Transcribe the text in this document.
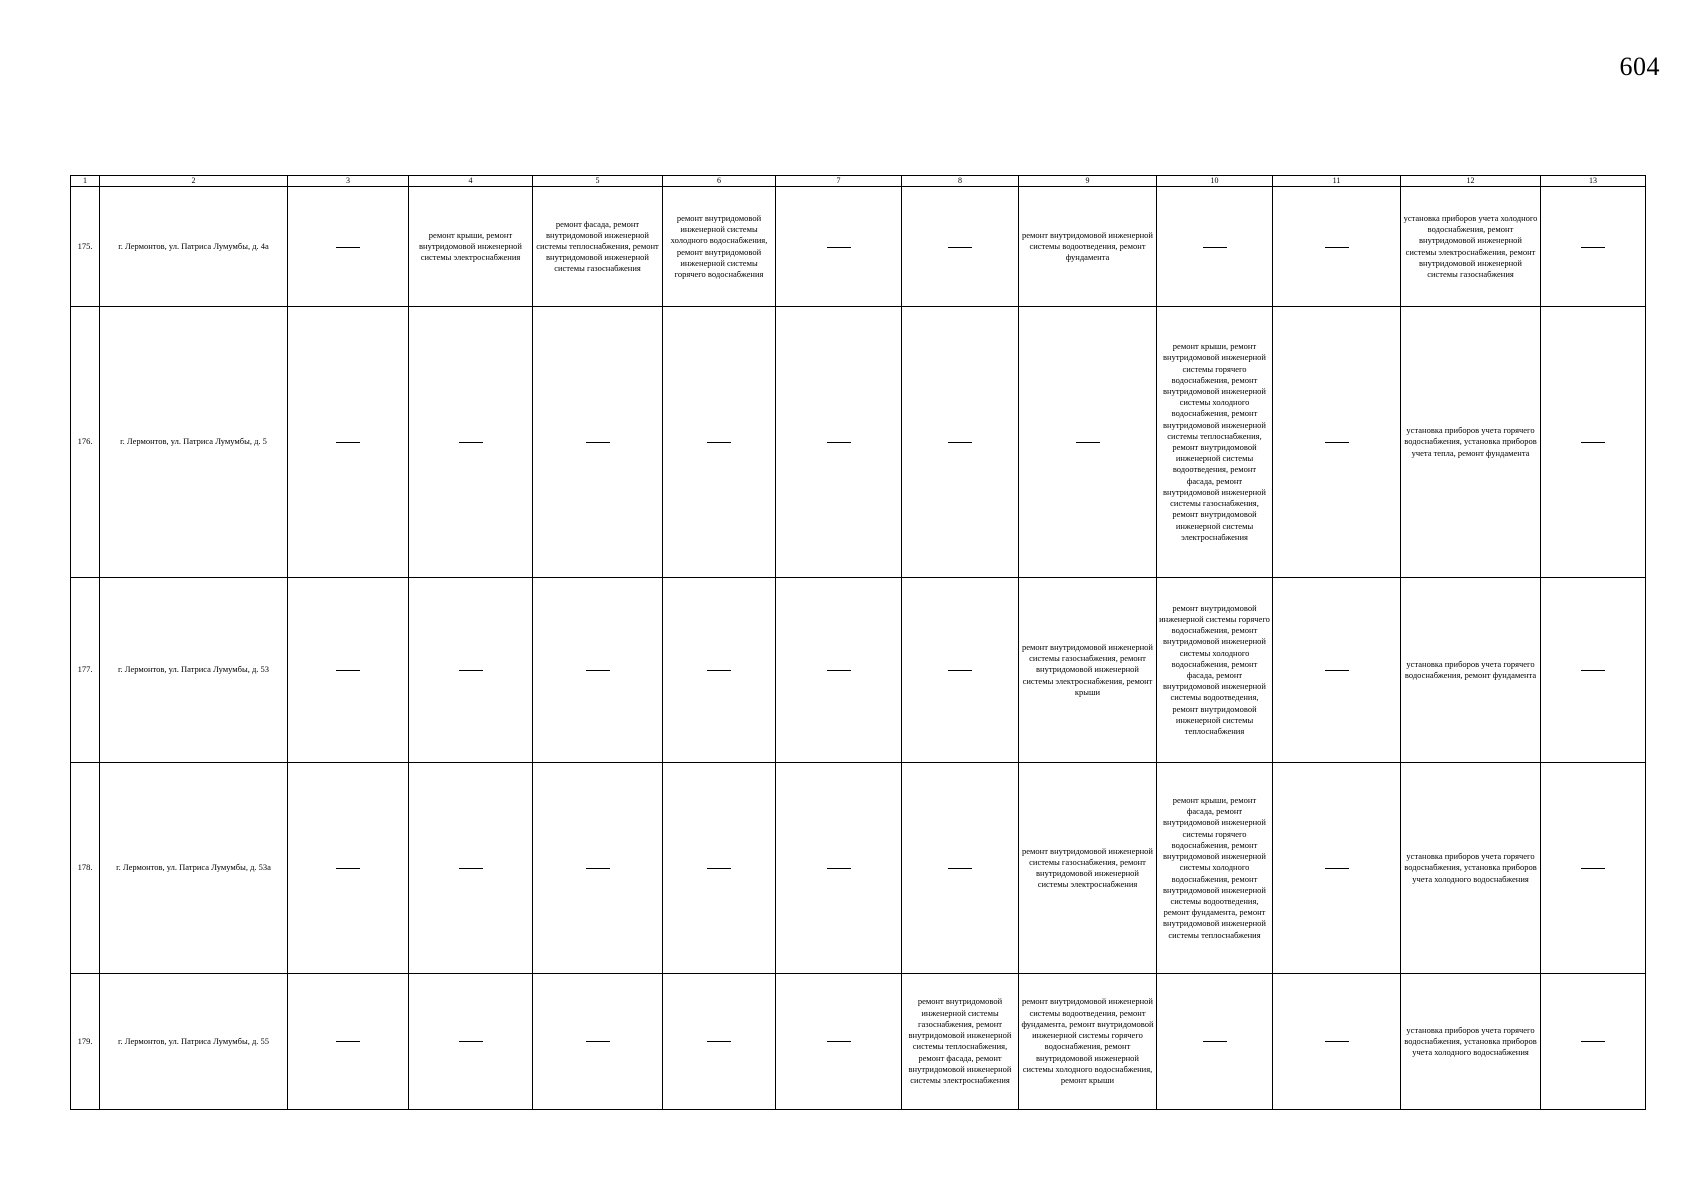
604
1	2	3	4	5	6	7	8	9	10	11	12	13
175.	г. Лермонтов, ул. Патриса Лумумбы, д. 4а		ремонт крыши, ремонт внутридомовой инженерной системы электроснабжения	ремонт фасада, ремонт внутридомовой инженерной системы теплоснабжения, ремонт внутридомовой инженерной системы газоснабжения	ремонт внутридомовой инженерной системы холодного водоснабжения, ремонт внутридомовой инженерной системы горячего водоснабжения			ремонт внутридомовой инженерной системы водоотведения, ремонт фундамента			установка приборов учета холодного водоснабжения, ремонт внутридомовой инженерной системы электроснабжения, ремонт внутридомовой инженерной системы газоснабжения	
176.	г. Лермонтов, ул. Патриса Лумумбы, д. 5								ремонт крыши, ремонт внутридомовой инженерной системы горячего водоснабжения, ремонт внутридомовой инженерной системы холодного водоснабжения, ремонт внутридомовой инженерной системы теплоснабжения, ремонт внутридомовой инженерной системы водоотведения, ремонт фасада, ремонт внутридомовой инженерной системы газоснабжения, ремонт внутридомовой инженерной системы электроснабжения		установка приборов учета горячего водоснабжения, установка приборов учета тепла, ремонт фундамента	
177.	г. Лермонтов, ул. Патриса Лумумбы, д. 53							ремонт внутридомовой инженерной системы газоснабжения, ремонт внутридомовой инженерной системы электроснабжения, ремонт крыши	ремонт внутридомовой инженерной системы горячего водоснабжения, ремонт внутридомовой инженерной системы холодного водоснабжения, ремонт фасада, ремонт внутридомовой инженерной системы водоотведения, ремонт внутридомовой инженерной системы теплоснабжения		установка приборов учета горячего водоснабжения, ремонт фундамента	
178.	г. Лермонтов, ул. Патриса Лумумбы, д. 53а							ремонт внутридомовой инженерной системы газоснабжения, ремонт внутридомовой инженерной системы электроснабжения	ремонт крыши, ремонт фасада, ремонт внутридомовой инженерной системы горячего водоснабжения, ремонт внутридомовой инженерной системы холодного водоснабжения, ремонт внутридомовой инженерной системы водоотведения, ремонт фундамента, ремонт внутридомовой инженерной системы теплоснабжения		установка приборов учета горячего водоснабжения, установка приборов учета холодного водоснабжения	
179.	г. Лермонтов, ул. Патриса Лумумбы, д. 55						ремонт внутридомовой инженерной системы газоснабжения, ремонт внутридомовой инженерной системы теплоснабжения, ремонт фасада, ремонт внутридомовой инженерной системы электроснабжения	ремонт внутридомовой инженерной системы водоотведения, ремонт фундамента, ремонт внутридомовой инженерной системы горячего водоснабжения, ремонт внутридомовой инженерной системы холодного водоснабжения, ремонт крыши			установка приборов учета горячего водоснабжения, установка приборов учета холодного водоснабжения	
